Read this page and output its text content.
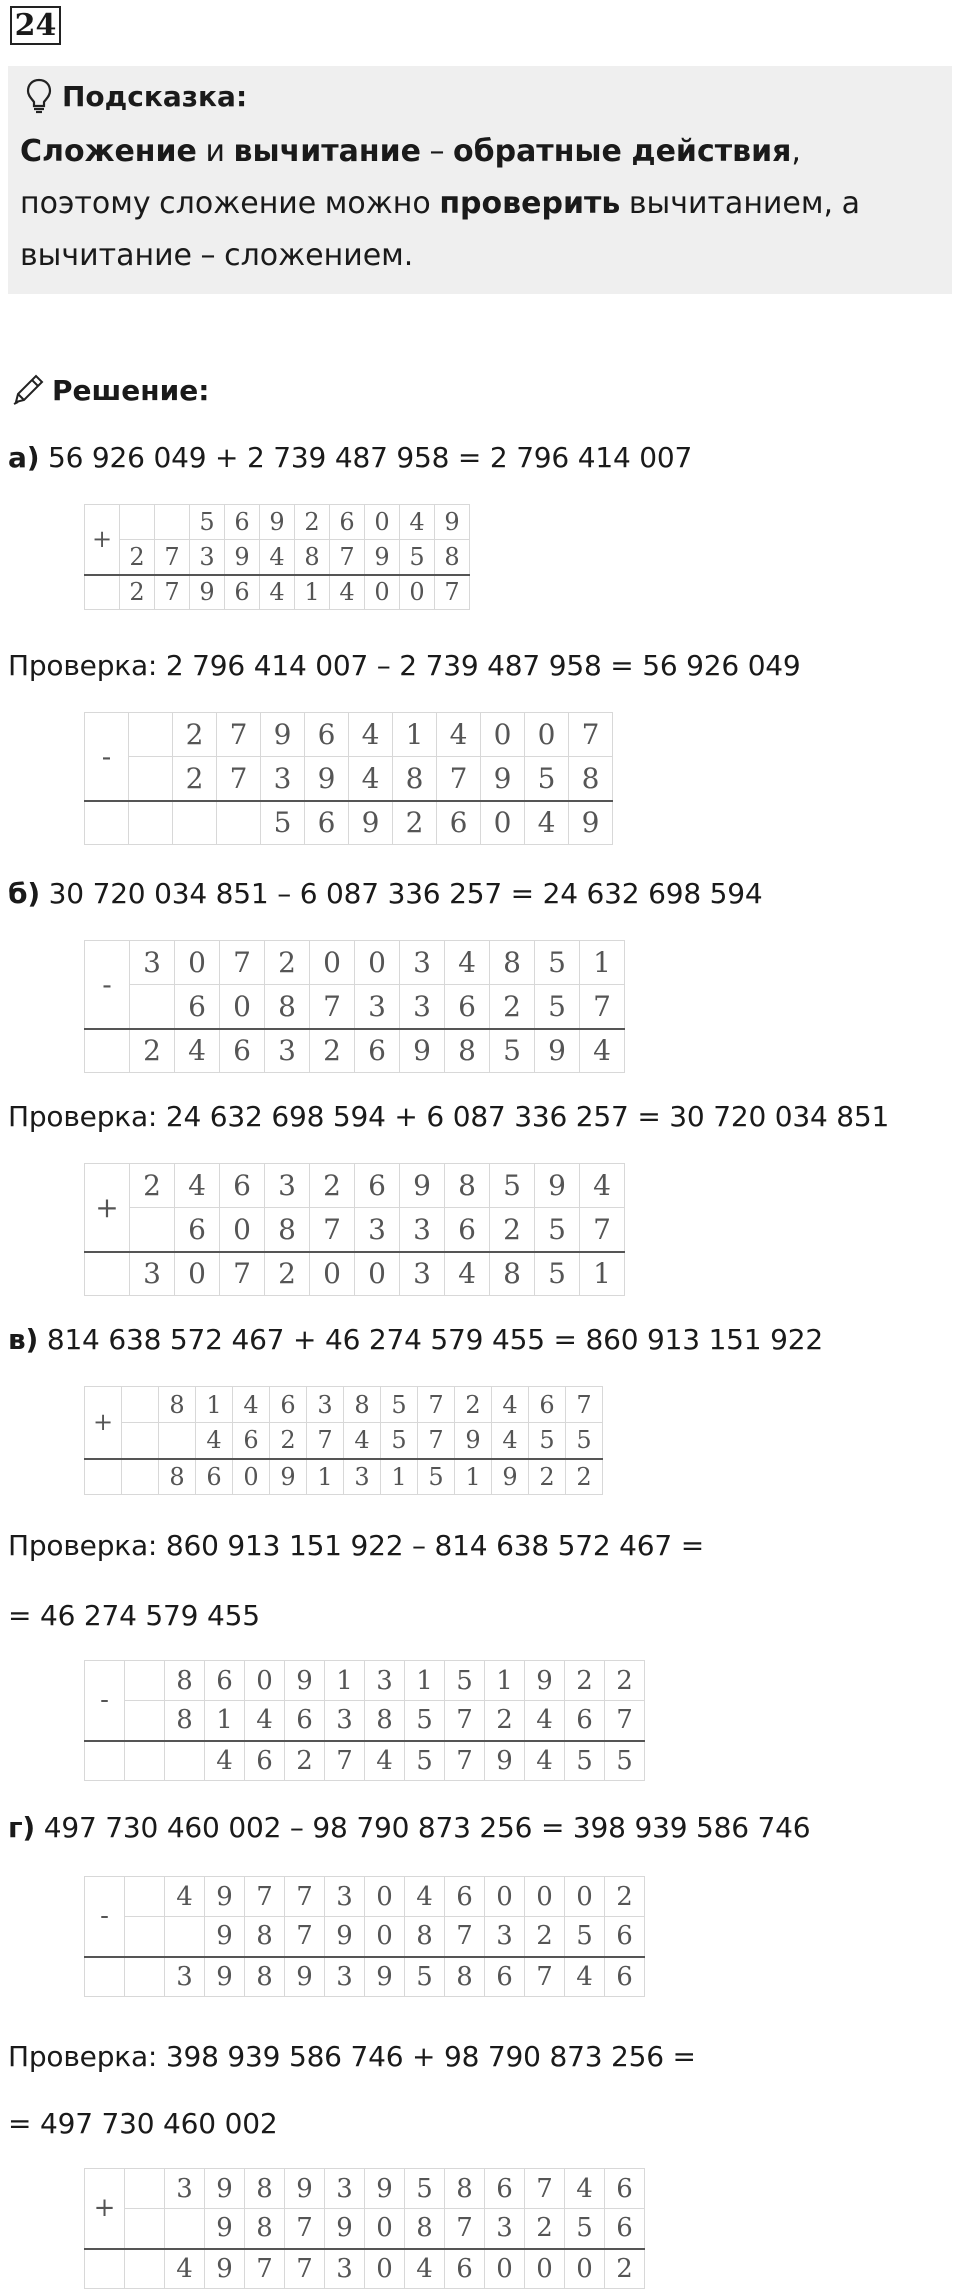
24
Подсказка:
Сложение и вычитание – обратные действия, поэтому сложение можно проверить вычитанием, а вычитание – сложением.
Решение:
а) 56 926 049 + 2 739 487 958 = 2 796 414 007
Проверка: 2 796 414 007 – 2 739 487 958 = 56 926 049
б) 30 720 034 851 – 6 087 336 257 = 24 632 698 594
Проверка: 24 632 698 594 + 6 087 336 257 = 30 720 034 851
в) 814 638 572 467 + 46 274 579 455 = 860 913 151 922
Проверка: 860 913 151 922 – 814 638 572 467 =
= 46 274 579 455
г) 497 730 460 002 – 98 790 873 256 = 398 939 586 746
Проверка: 398 939 586 746 + 98 790 873 256 =
= 497 730 460 002
+			5	6	9	2	6	0	4	9
	2	7	3	9	4	8	7	9	5	8
	2	7	9	6	4	1	4	0	0	7
-		2	7	9	6	4	1	4	0	0	7
		2	7	3	9	4	8	7	9	5	8
				5	6	9	2	6	0	4	9
-	3	0	7	2	0	0	3	4	8	5	1
		6	0	8	7	3	3	6	2	5	7
	2	4	6	3	2	6	9	8	5	9	4
+	2	4	6	3	2	6	9	8	5	9	4
		6	0	8	7	3	3	6	2	5	7
	3	0	7	2	0	0	3	4	8	5	1
+		8	1	4	6	3	8	5	7	2	4	6	7
			4	6	2	7	4	5	7	9	4	5	5
		8	6	0	9	1	3	1	5	1	9	2	2
-		8	6	0	9	1	3	1	5	1	9	2	2
		8	1	4	6	3	8	5	7	2	4	6	7
			4	6	2	7	4	5	7	9	4	5	5
-		4	9	7	7	3	0	4	6	0	0	0	2
			9	8	7	9	0	8	7	3	2	5	6
		3	9	8	9	3	9	5	8	6	7	4	6
+		3	9	8	9	3	9	5	8	6	7	4	6
			9	8	7	9	0	8	7	3	2	5	6
		4	9	7	7	3	0	4	6	0	0	0	2
